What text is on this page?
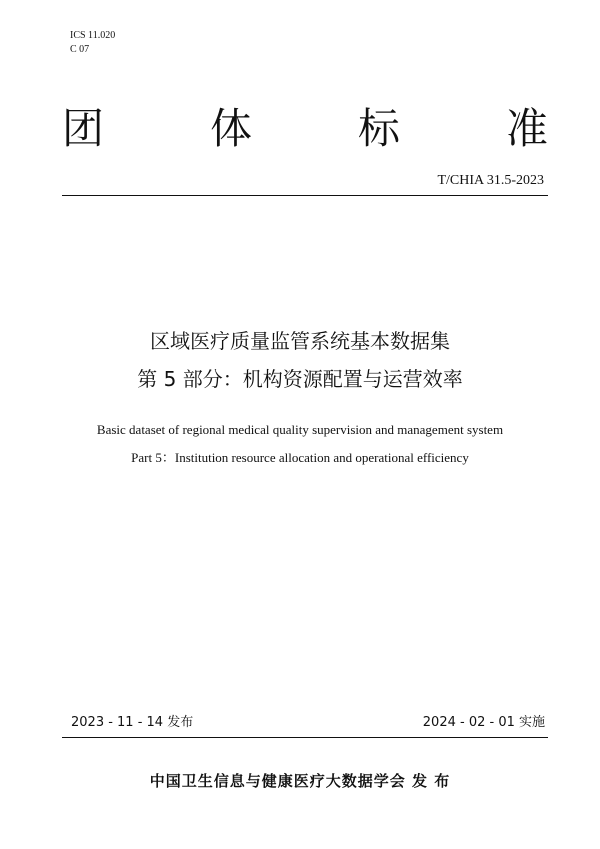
ICS 11.020
C 07
团	体	标	准
T/CHIA 31.5-2023
区域医疗质量监管系统基本数据集
第 5 部分：机构资源配置与运营效率
Basic dataset of regional medical quality supervision and management system
Part 5：Institution resource allocation and operational efficiency
2023 - 11 - 14 发布	2024 - 02 - 01 实施
中国卫生信息与健康医疗大数据学会 发 布
